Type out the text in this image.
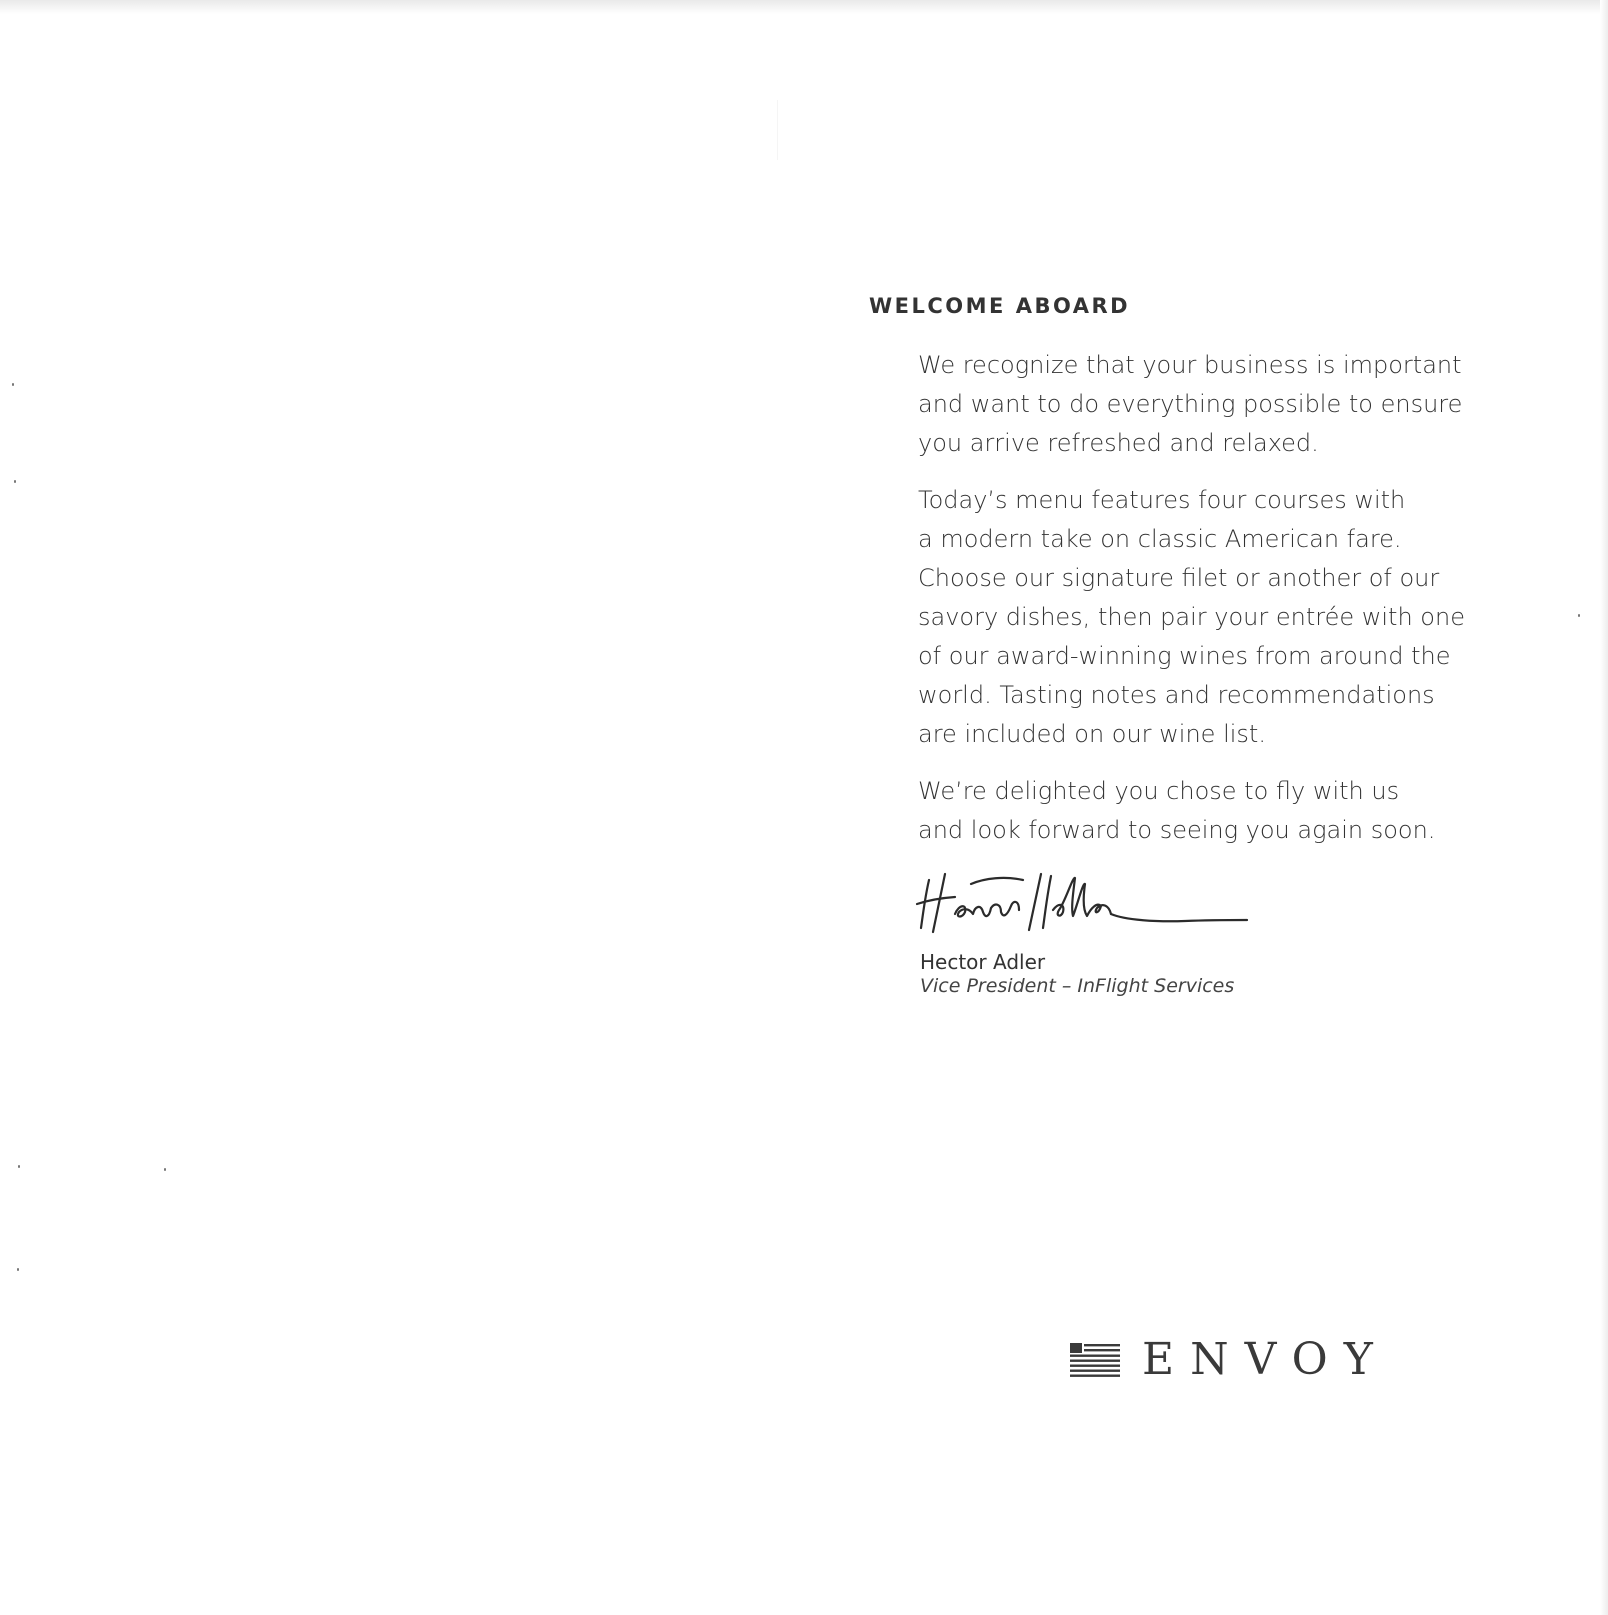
WELCOME ABOARD

We recognize that your business is important
and want to do everything possible to ensure
you arrive refreshed and relaxed.

Today’s menu features four courses with
a modern take on classic American fare.
Choose our signature filet or another of our
savory dishes, then pair your entrée with one
of our award-winning wines from around the
world. Tasting notes and recommendations
are included on our wine list.

We’re delighted you chose to fly with us
and look forward to seeing you again soon.

Hector Adler
Vice President – InFlight Services
ENVOY
